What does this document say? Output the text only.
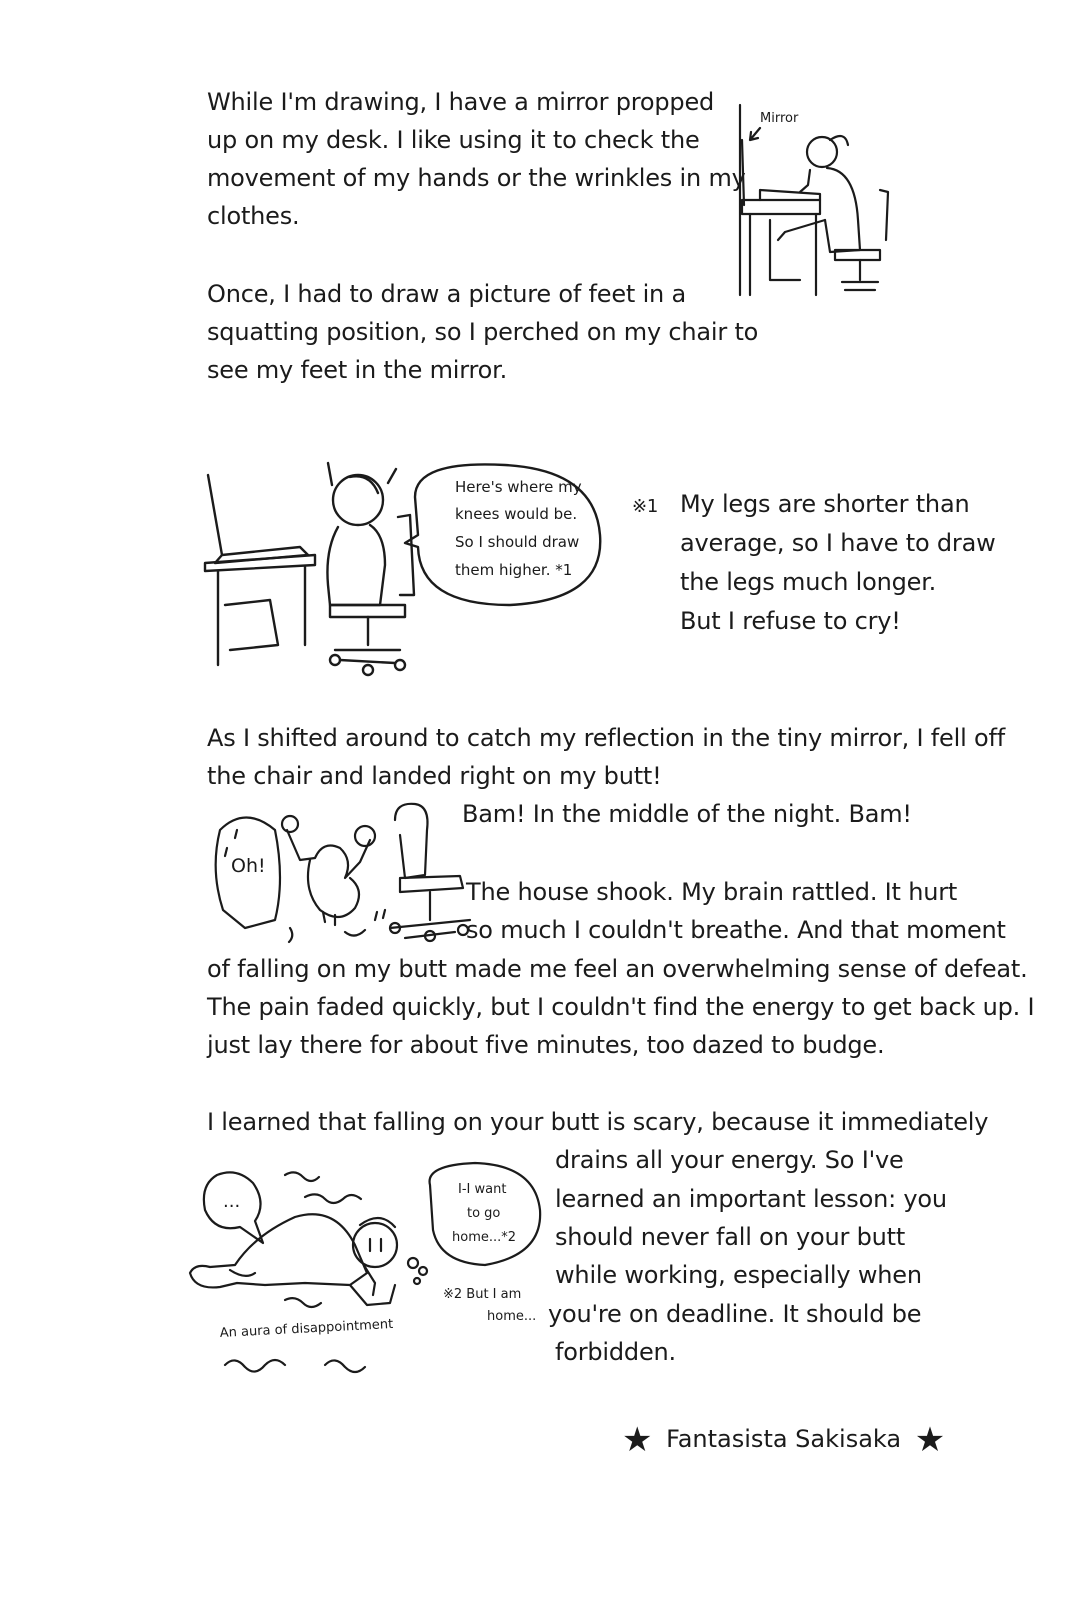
While I'm drawing, I have a mirror propped
up on my desk. I like using it to check the
movement of my hands or the wrinkles in my
clothes.
Mirror
Once, I had to draw a picture of feet in a
squatting position, so I perched on my chair to
see my feet in the mirror.
Here's where my
knees would be.
So I should draw
them higher. *1
※1 My legs are shorter than
average, so I have to draw
the legs much longer.
But I refuse to cry!
As I shifted around to catch my reflection in the tiny mirror, I fell off
the chair and landed right on my butt!
Bam! In the middle of the night. Bam!
The house shook. My brain rattled. It hurt
so much I couldn't breathe. And that moment
of falling on my butt made me feel an overwhelming sense of defeat.
The pain faded quickly, but I couldn't find the energy to get back up. I
just lay there for about five minutes, too dazed to budge.
Oh!
I learned that falling on your butt is scary, because it immediately
drains all your energy. So I've
learned an important lesson: you
should never fall on your butt
while working, especially when
you're on deadline. It should be
forbidden.
...
I-I want
to go
home...*2
※2 But I am
home...
An aura of disappointment
★ Fantasista Sakisaka ★
